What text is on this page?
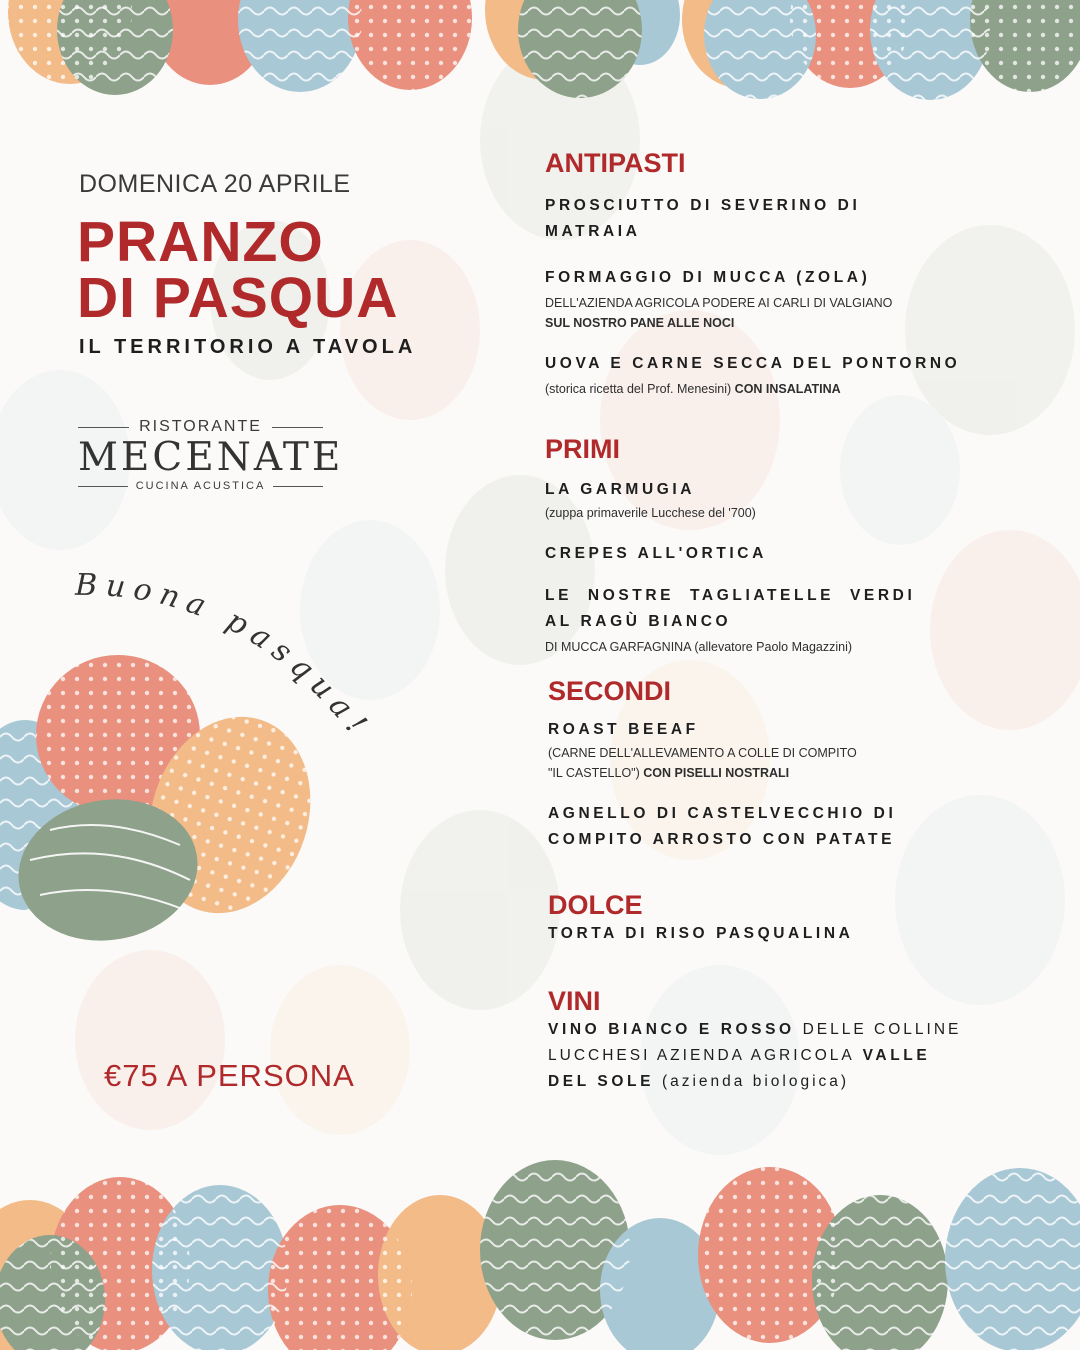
DOMENICA 20 APRILE
PRANZO
DI PASQUA
IL TERRITORIO A TAVOLA
RISTORANTE
MECENATE
CUCINA ACUSTICA
Buona pasqua!
€75 A PERSONA
ANTIPASTI
PROSCIUTTO DI SEVERINO DI MATRAIA
FORMAGGIO DI MUCCA (ZOLA)
DELL'AZIENDA AGRICOLA PODERE AI CARLI DI VALGIANO SUL NOSTRO PANE ALLE NOCI
UOVA E CARNE SECCA DEL PONTORNO
(storica ricetta del Prof. Menesini) CON INSALATINA
PRIMI
LA GARMUGIA
(zuppa primaverile Lucchese del '700)
CREPES ALL'ORTICA
LE NOSTRE TAGLIATELLE VERDI
AL RAGÙ BIANCO
DI MUCCA GARFAGNINA (allevatore Paolo Magazzini)
SECONDI
ROAST BEEAF
(CARNE DELL'ALLEVAMENTO A COLLE DI COMPITO
"IL CASTELLO") CON PISELLI NOSTRALI
AGNELLO DI CASTELVECCHIO DI COMPITO ARROSTO CON PATATE
DOLCE
TORTA DI RISO PASQUALINA
VINI
VINO BIANCO E ROSSO DELLE COLLINE LUCCHESI AZIENDA AGRICOLA VALLE DEL SOLE (azienda biologica)
